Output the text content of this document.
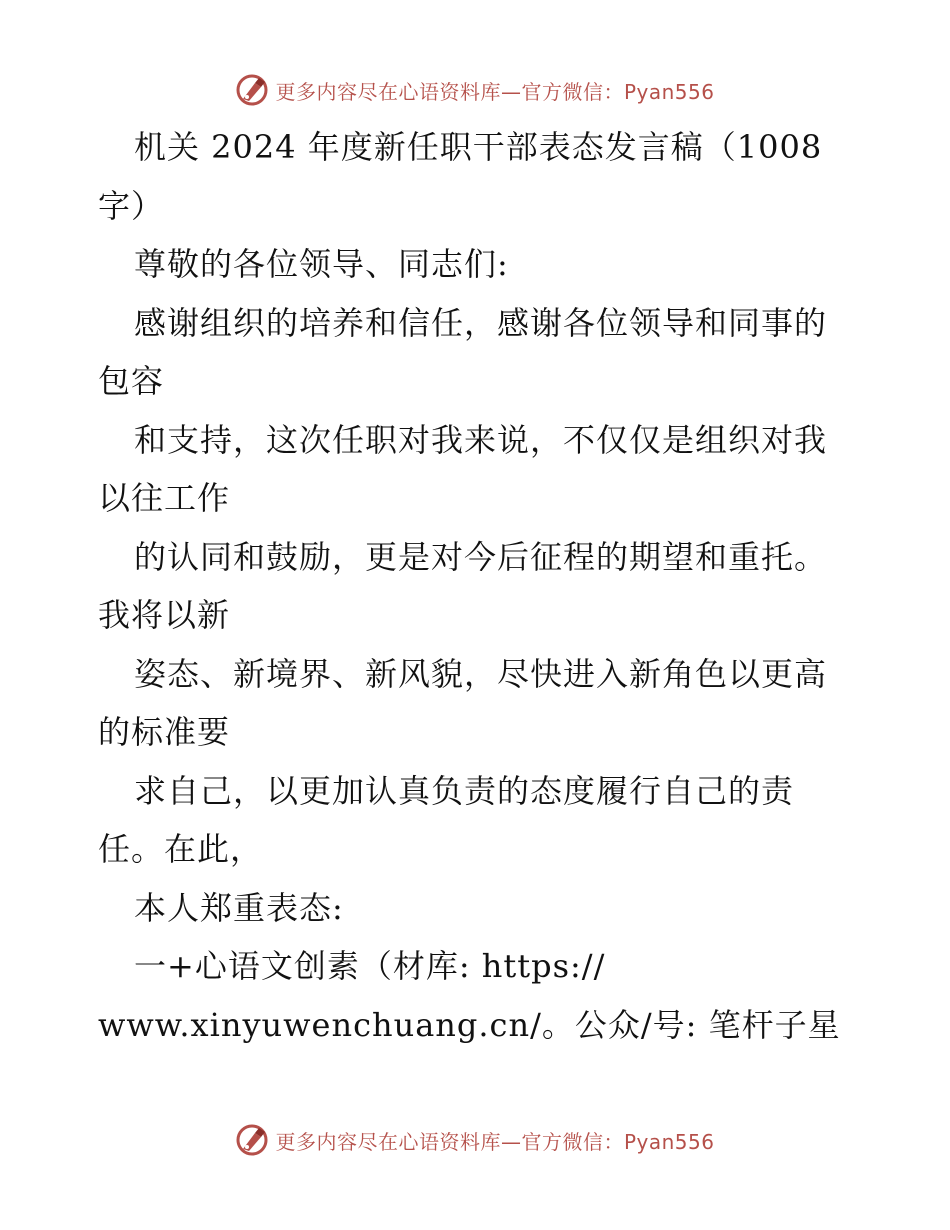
更多内容尽在心语资料库—官方微信：Pyan556
机关 2024 年度新任职干部表态发言稿（1008
字）
尊敬的各位领导、同志们:
感谢组织的培养和信任，感谢各位领导和同事的
包容
和支持，这次任职对我来说，不仅仅是组织对我
以往工作
的认同和鼓励，更是对今后征程的期望和重托。
我将以新
姿态、新境界、新风貌，尽快进入新角色以更高
的标准要
求自己，以更加认真负责的态度履行自己的责
任。在此，
本人郑重表态:
一+心语文创素（材库: https://
www.xinyuwenchuang.cn/。公众/号: 笔杆子星
更多内容尽在心语资料库—官方微信：Pyan556
